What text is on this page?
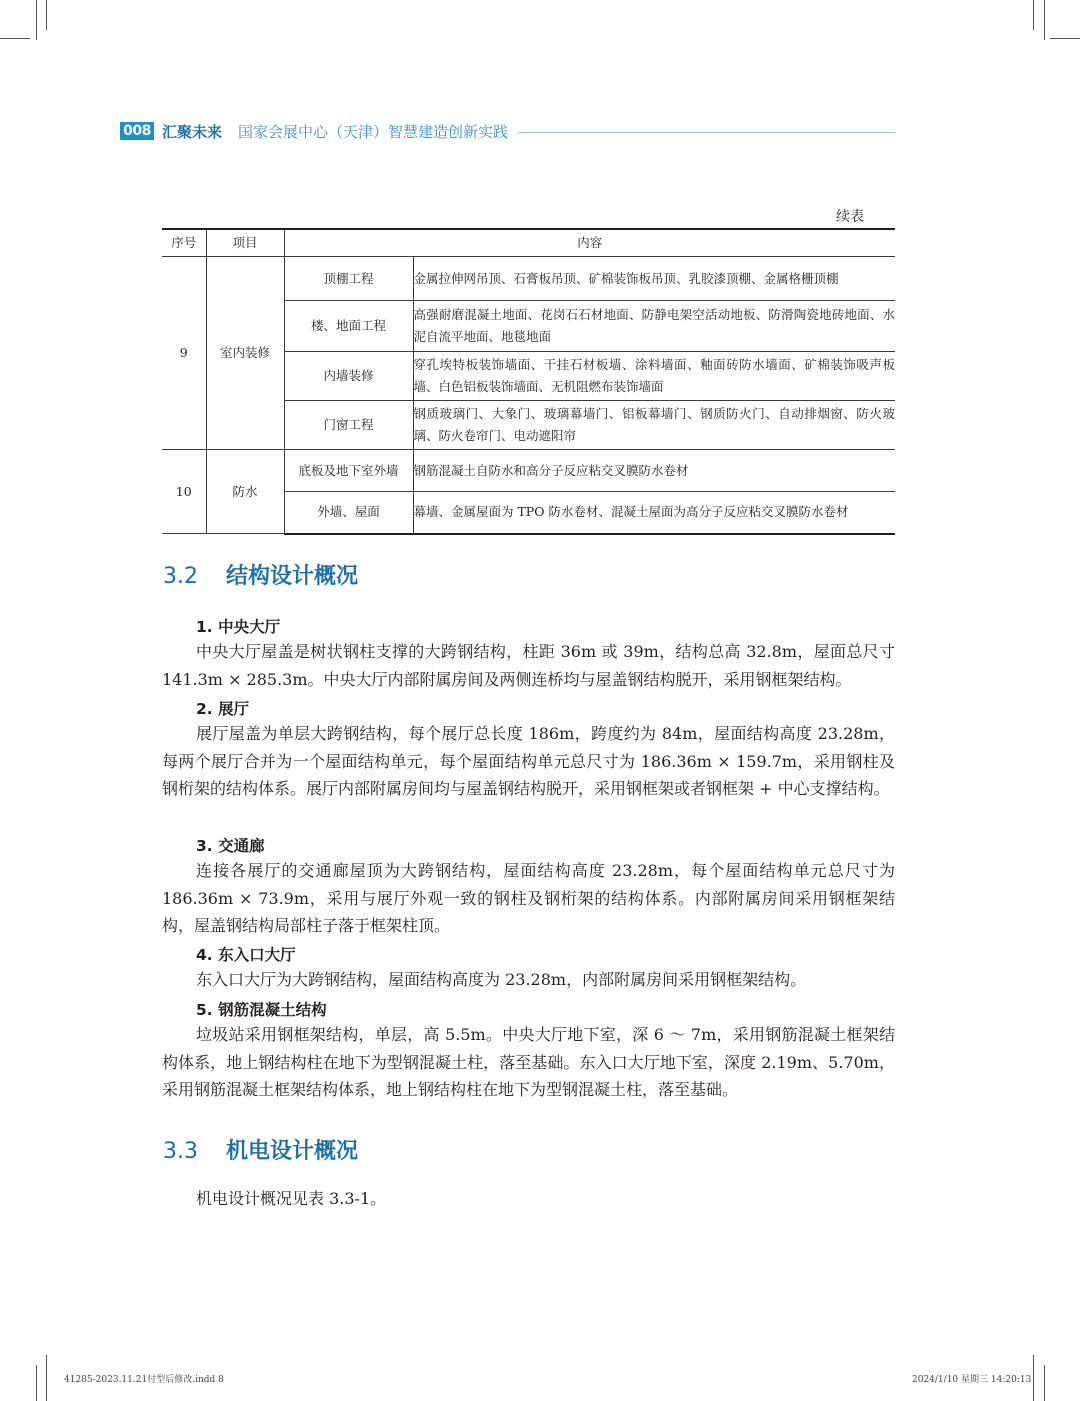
008 汇聚未来 国家会展中心（天津）智慧建造创新实践
续表
序号	项目	内容	
9	室内装修	顶棚工程	金属拉伸网吊顶、石膏板吊顶、矿棉装饰板吊顶、乳胶漆顶棚、金属格栅顶棚
		楼、地面工程	高强耐磨混凝土地面、花岗石石材地面、防静电架空活动地板、防滑陶瓷地砖地面、水泥自流平地面、地毯地面
		内墙装修	穿孔埃特板装饰墙面、干挂石材板墙、涂料墙面、釉面砖防水墙面、矿棉装饰吸声板墙、白色铝板装饰墙面、无机阻燃布装饰墙面
		门窗工程	钢质玻璃门、大象门、玻璃幕墙门、铝板幕墙门、钢质防火门、自动排烟窗、防火玻璃、防火卷帘门、电动遮阳帘
10	防水	底板及地下室外墙	钢筋混凝土自防水和高分子反应粘交叉膜防水卷材
		外墙、屋面	幕墙、金属屋面为 TPO 防水卷材、混凝土屋面为高分子反应粘交叉膜防水卷材
3.2 结构设计概况
1. 中央大厅

中央大厅屋盖是树状钢柱支撑的大跨钢结构，柱距 36m 或 39m，结构总高 32.8m，屋面总尺寸 141.3m × 285.3m。中央大厅内部附属房间及两侧连桥均与屋盖钢结构脱开，采用钢框架结构。

2. 展厅

展厅屋盖为单层大跨钢结构，每个展厅总长度 186m，跨度约为 84m，屋面结构高度 23.28m，每两个展厅合并为一个屋面结构单元，每个屋面结构单元总尺寸为 186.36m × 159.7m，采用钢柱及钢桁架的结构体系。展厅内部附属房间均与屋盖钢结构脱开，采用钢框架或者钢框架 + 中心支撑结构。

3. 交通廊

连接各展厅的交通廊屋顶为大跨钢结构，屋面结构高度 23.28m，每个屋面结构单元总尺寸为 186.36m × 73.9m，采用与展厅外观一致的钢柱及钢桁架的结构体系。内部附属房间采用钢框架结构，屋盖钢结构局部柱子落于框架柱顶。

4. 东入口大厅

东入口大厅为大跨钢结构，屋面结构高度为 23.28m，内部附属房间采用钢框架结构。

5. 钢筋混凝土结构

垃圾站采用钢框架结构，单层，高 5.5m。中央大厅地下室，深 6 ～ 7m，采用钢筋混凝土框架结构体系，地上钢结构柱在地下为型钢混凝土柱，落至基础。东入口大厅地下室，深度 2.19m、5.70m，采用钢筋混凝土框架结构体系，地上钢结构柱在地下为型钢混凝土柱，落至基础。

3.3 机电设计概况

机电设计概况见表 3.3-1。

41285-2023.11.21付型后修改.indd 8	2024/1/10 星期三 14:20:13
